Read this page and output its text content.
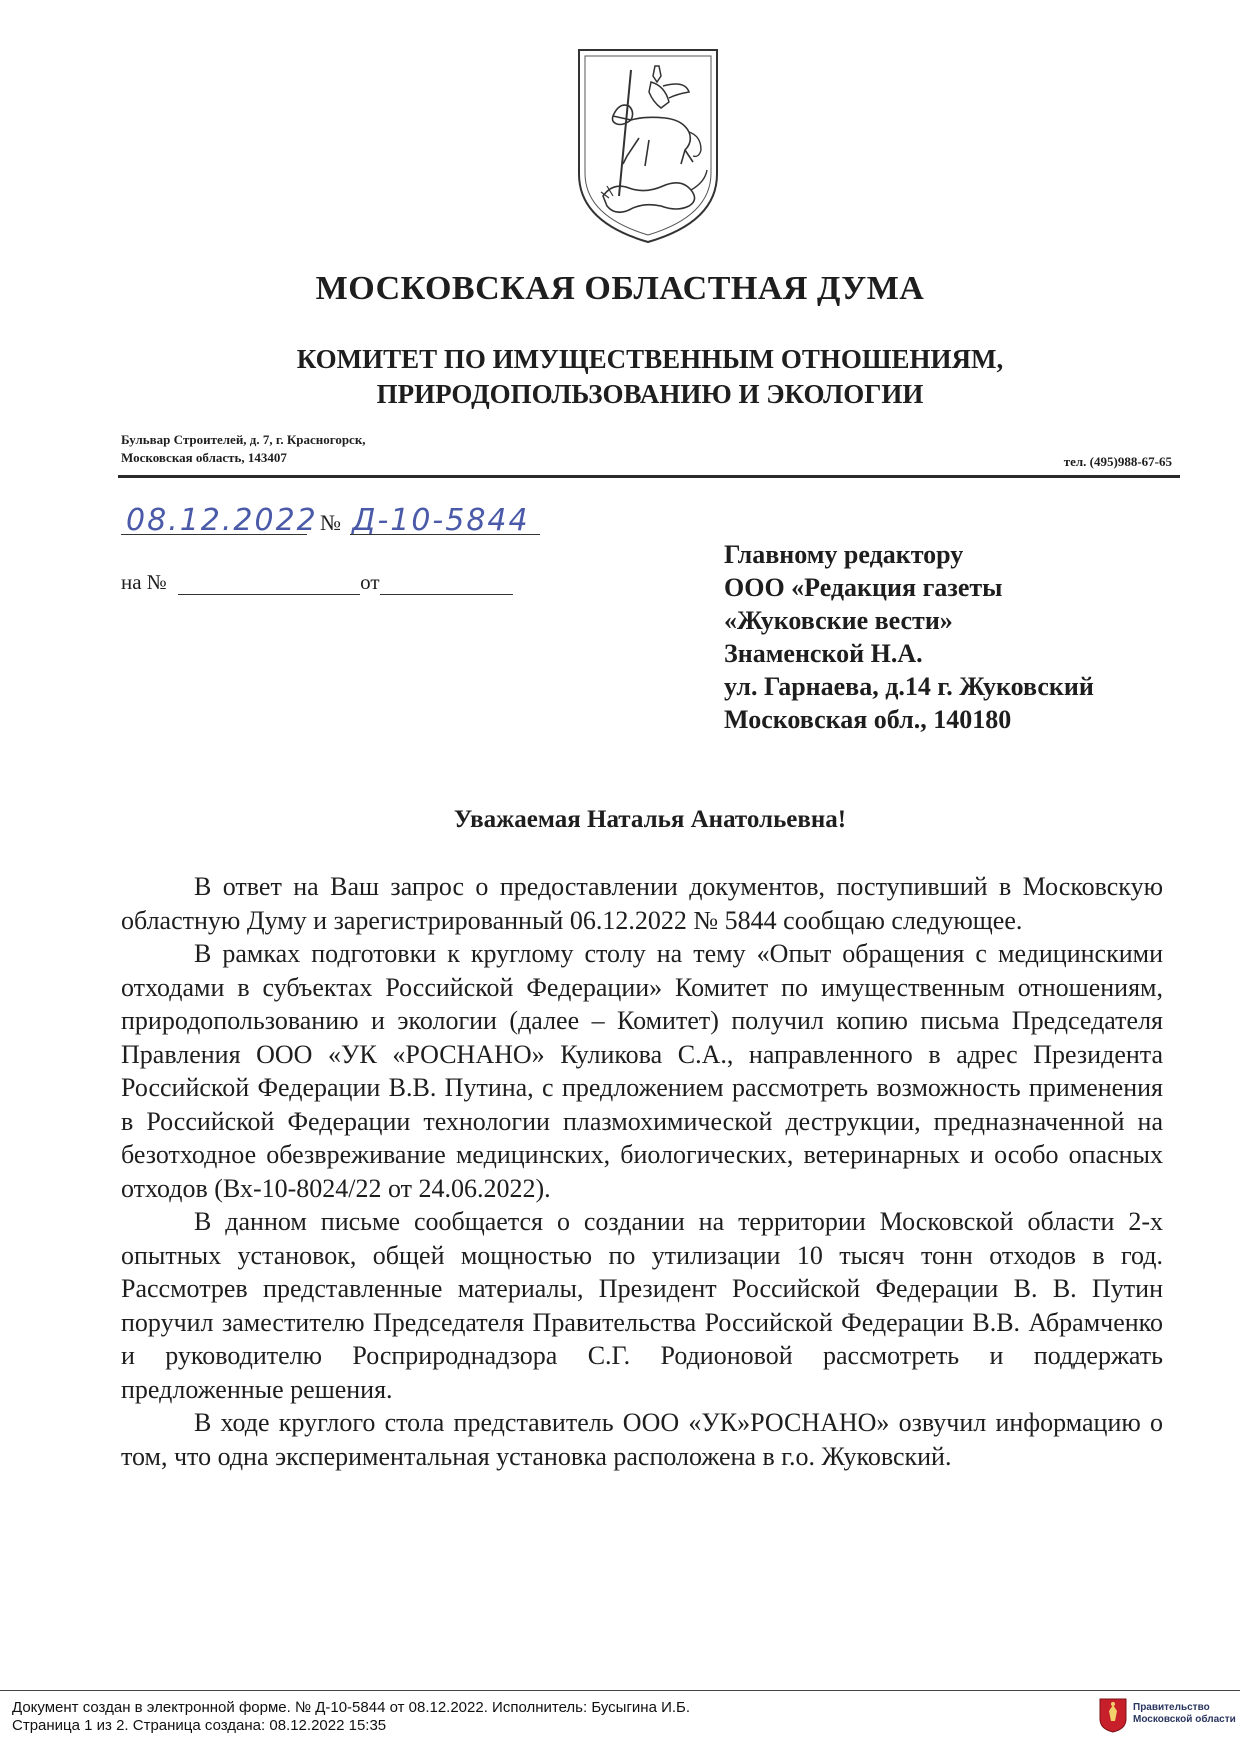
МОСКОВСКАЯ ОБЛАСТНАЯ ДУМА
КОМИТЕТ ПО ИМУЩЕСТВЕННЫМ ОТНОШЕНИЯМ,
ПРИРОДОПОЛЬЗОВАНИЮ И ЭКОЛОГИИ
Бульвар Строителей, д. 7, г. Красногорск,
Московская область, 143407	тел. (495)988-67-65
08.12.2022 № Д-10-5844
на №	от
Главному редактору
ООО «Редакция газеты
«Жуковские вести»
Знаменской Н.А.
ул. Гарнаева, д.14 г. Жуковский
Московская обл., 140180
Уважаемая Наталья Анатольевна!

В ответ на Ваш запрос о предоставлении документов, поступивший в Московскую областную Думу и зарегистрированный 06.12.2022 № 5844 сообщаю следующее.

В рамках подготовки к круглому столу на тему «Опыт обращения с медицинскими отходами в субъектах Российской Федерации» Комитет по имущественным отношениям, природопользованию и экологии (далее – Комитет) получил копию письма Председателя Правления ООО «УК «РОСНАНО» Куликова С.А., направленного в адрес Президента Российской Федерации В.В. Путина, с предложением рассмотреть возможность применения в Российской Федерации технологии плазмохимической деструкции, предназначенной на безотходное обезвреживание медицинских, биологических, ветеринарных и особо опасных отходов (Вх-10-8024/22 от 24.06.2022).

В данном письме сообщается о создании на территории Московской области 2-х опытных установок, общей мощностью по утилизации 10 тысяч тонн отходов в год. Рассмотрев представленные материалы, Президент Российской Федерации В. В. Путин поручил заместителю Председателя Правительства Российской Федерации В.В. Абрамченко и руководителю Росприроднадзора С.Г. Родионовой рассмотреть и поддержать предложенные решения.

В ходе круглого стола представитель ООО «УК»РОСНАНО» озвучил информацию о том, что одна экспериментальная установка расположена в г.о. Жуковский.

Документ создан в электронной форме. № Д-10-5844 от 08.12.2022. Исполнитель: Бусыгина И.Б.
Страница 1 из 2. Страница создана: 08.12.2022 15:35
Правительство
Московской области
